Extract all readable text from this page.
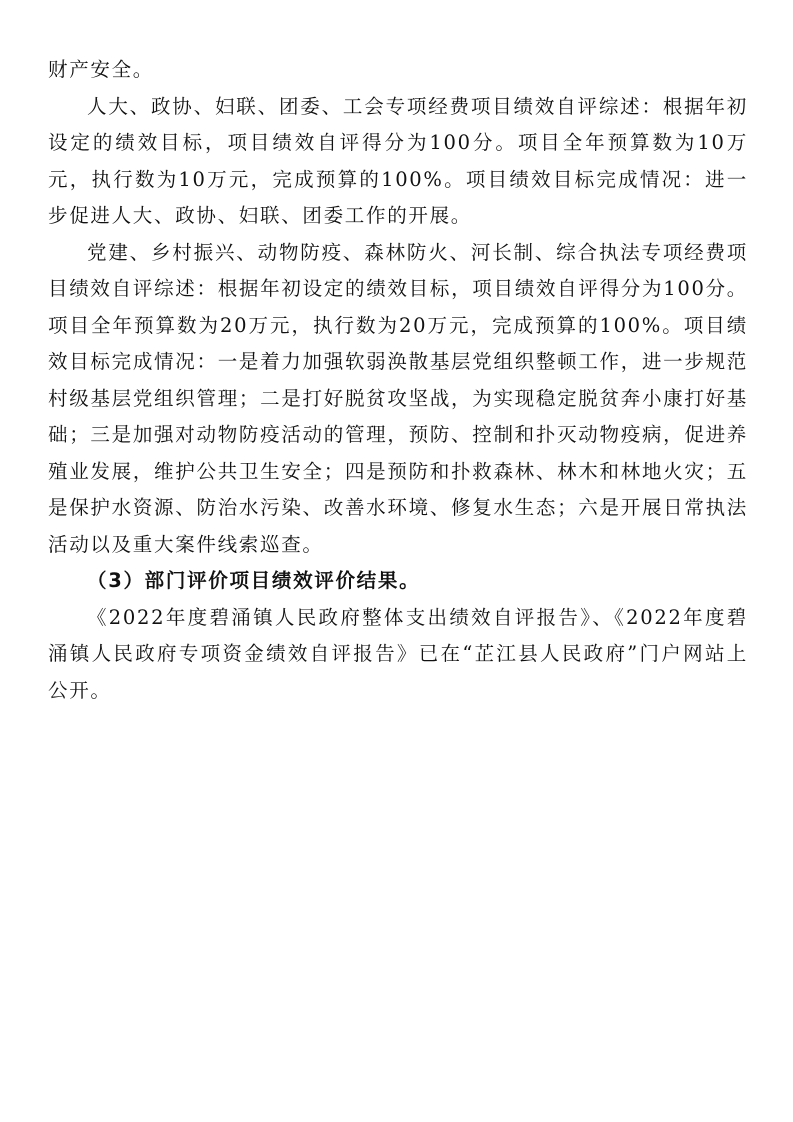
财产安全。

人大、政协、妇联、团委、工会专项经费项目绩效自评综述：根据年初设定的绩效目标，项目绩效自评得分为100分。项目全年预算数为10万元，执行数为10万元，完成预算的100%。项目绩效目标完成情况：进一步促进人大、政协、妇联、团委工作的开展。

党建、乡村振兴、动物防疫、森林防火、河长制、综合执法专项经费项目绩效自评综述：根据年初设定的绩效目标，项目绩效自评得分为100分。项目全年预算数为20万元，执行数为20万元，完成预算的100%。项目绩效目标完成情况：一是着力加强软弱涣散基层党组织整顿工作，进一步规范村级基层党组织管理；二是打好脱贫攻坚战，为实现稳定脱贫奔小康打好基础；三是加强对动物防疫活动的管理，预防、控制和扑灭动物疫病，促进养殖业发展，维护公共卫生安全；四是预防和扑救森林、林木和林地火灾；五是保护水资源、防治水污染、改善水环境、修复水生态；六是开展日常执法活动以及重大案件线索巡查。

（3）部门评价项目绩效评价结果。

《2022年度碧涌镇人民政府整体支出绩效自评报告》、《2022年度碧涌镇人民政府专项资金绩效自评报告》已在“芷江县人民政府”门户网站上公开。
